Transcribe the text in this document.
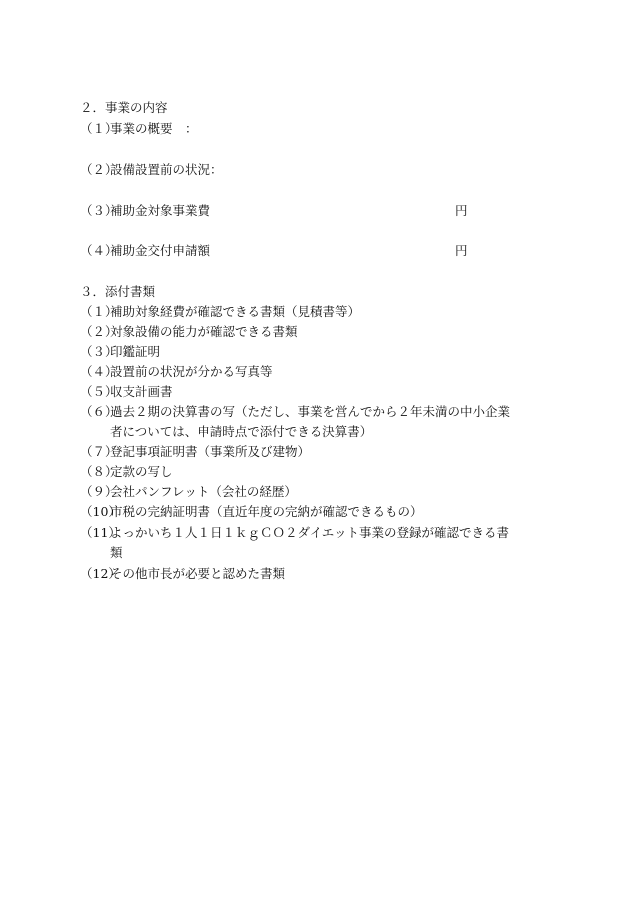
２．事業の内容
（１）事業の概要　：
（２）設備設置前の状況：
（３）補助金対象事業費	円
（４）補助金交付申請額	円
３．添付書類
（１）補助対象経費が確認できる書類（見積書等）
（２）対象設備の能力が確認できる書類
（３）印鑑証明
（４）設置前の状況が分かる写真等
（５）収支計画書
（６）過去２期の決算書の写（ただし、事業を営んでから２年未満の中小企業
者については、申請時点で添付できる決算書）
（７）登記事項証明書（事業所及び建物）
（８）定款の写し
（９）会社パンフレット（会社の経歴）
（10）市税の完納証明書（直近年度の完納が確認できるもの）
（11）よっかいち１人１日１ｋｇＣＯ２ダイエット事業の登録が確認できる書
類
（12）その他市長が必要と認めた書類
